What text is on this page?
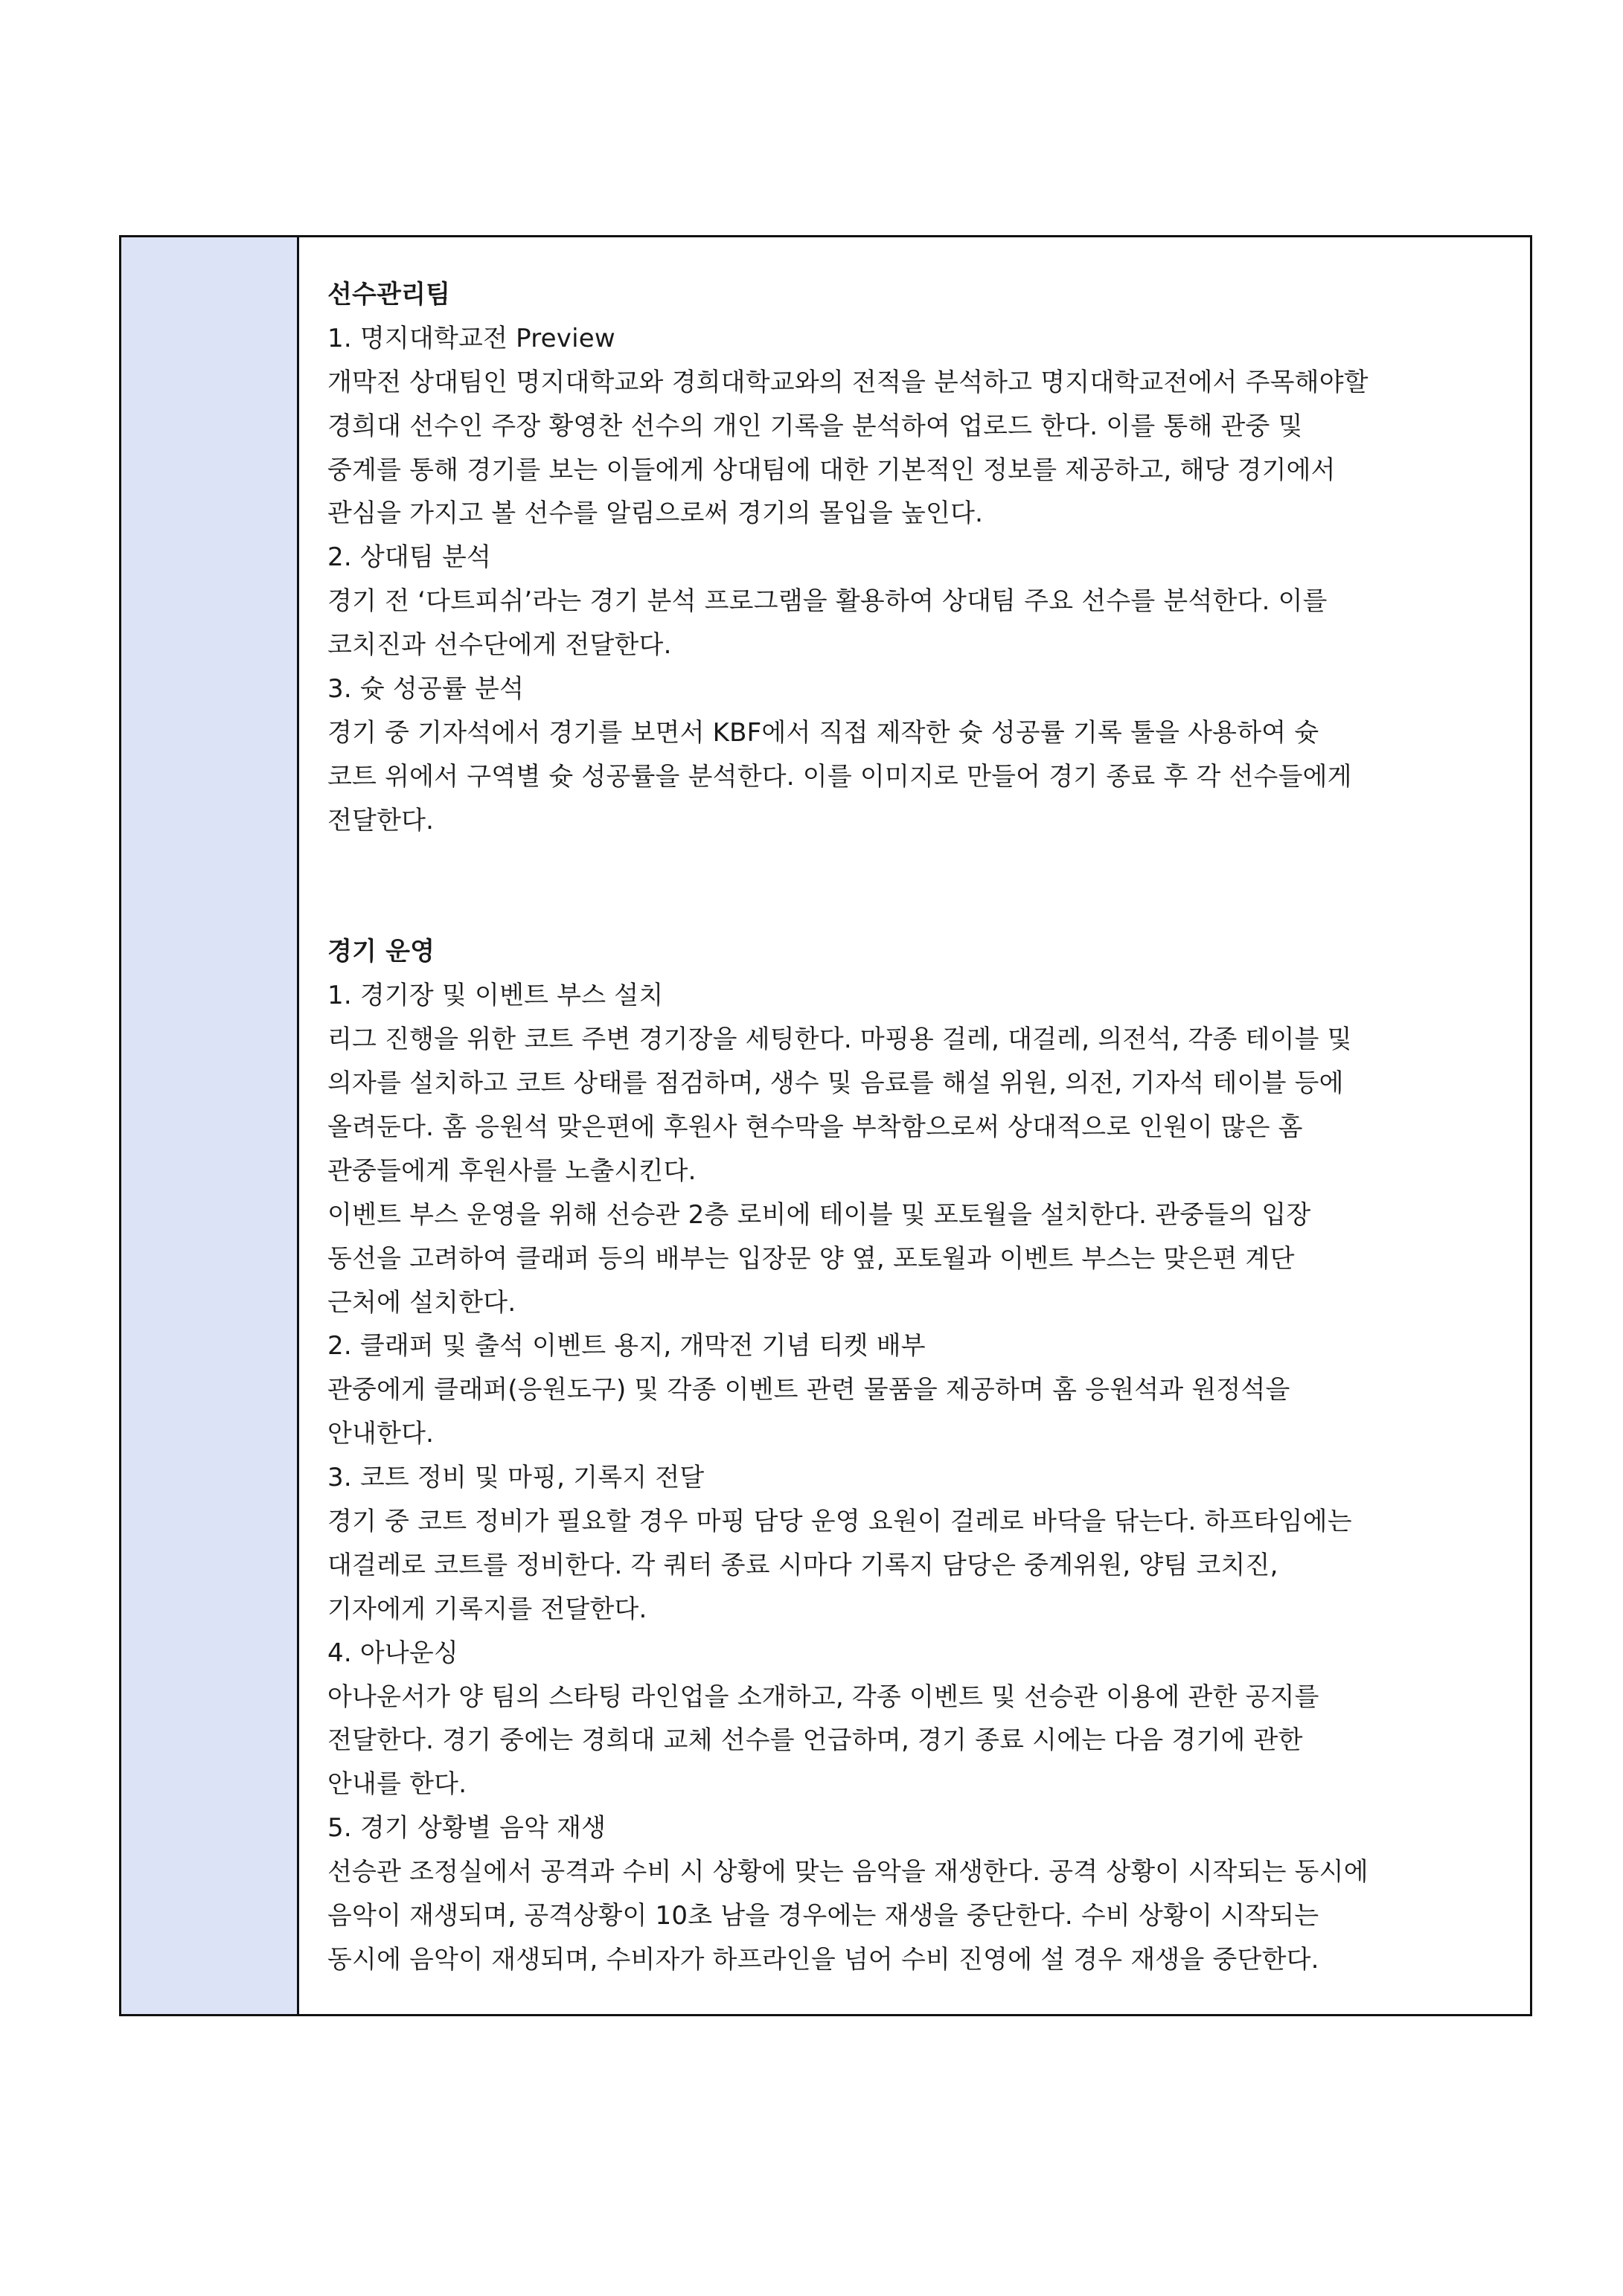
선수관리팀
1. 명지대학교전 Preview
개막전 상대팀인 명지대학교와 경희대학교와의 전적을 분석하고 명지대학교전에서 주목해야할
경희대 선수인 주장 황영찬 선수의 개인 기록을 분석하여 업로드 한다. 이를 통해 관중 및
중계를 통해 경기를 보는 이들에게 상대팀에 대한 기본적인 정보를 제공하고, 해당 경기에서
관심을 가지고 볼 선수를 알림으로써 경기의 몰입을 높인다.
2. 상대팀 분석
경기 전 ‘다트피쉬’라는 경기 분석 프로그램을 활용하여 상대팀 주요 선수를 분석한다. 이를
코치진과 선수단에게 전달한다.
3. 슛 성공률 분석
경기 중 기자석에서 경기를 보면서 KBF에서 직접 제작한 슛 성공률 기록 툴을 사용하여 슛
코트 위에서 구역별 슛 성공률을 분석한다. 이를 이미지로 만들어 경기 종료 후 각 선수들에게
전달한다.
경기 운영
1. 경기장 및 이벤트 부스 설치
리그 진행을 위한 코트 주변 경기장을 세팅한다. 마핑용 걸레, 대걸레, 의전석, 각종 테이블 및
의자를 설치하고 코트 상태를 점검하며, 생수 및 음료를 해설 위원, 의전, 기자석 테이블 등에
올려둔다. 홈 응원석 맞은편에 후원사 현수막을 부착함으로써 상대적으로 인원이 많은 홈
관중들에게 후원사를 노출시킨다.
이벤트 부스 운영을 위해 선승관 2층 로비에 테이블 및 포토월을 설치한다. 관중들의 입장
동선을 고려하여 클래퍼 등의 배부는 입장문 양 옆, 포토월과 이벤트 부스는 맞은편 계단
근처에 설치한다.
2. 클래퍼 및 출석 이벤트 용지, 개막전 기념 티켓 배부
관중에게 클래퍼(응원도구) 및 각종 이벤트 관련 물품을 제공하며 홈 응원석과 원정석을
안내한다.
3. 코트 정비 및 마핑, 기록지 전달
경기 중 코트 정비가 필요할 경우 마핑 담당 운영 요원이 걸레로 바닥을 닦는다. 하프타임에는
대걸레로 코트를 정비한다. 각 쿼터 종료 시마다 기록지 담당은 중계위원, 양팀 코치진,
기자에게 기록지를 전달한다.
4. 아나운싱
아나운서가 양 팀의 스타팅 라인업을 소개하고, 각종 이벤트 및 선승관 이용에 관한 공지를
전달한다. 경기 중에는 경희대 교체 선수를 언급하며, 경기 종료 시에는 다음 경기에 관한
안내를 한다.
5. 경기 상황별 음악 재생
선승관 조정실에서 공격과 수비 시 상황에 맞는 음악을 재생한다. 공격 상황이 시작되는 동시에
음악이 재생되며, 공격상황이 10초 남을 경우에는 재생을 중단한다. 수비 상황이 시작되는
동시에 음악이 재생되며, 수비자가 하프라인을 넘어 수비 진영에 설 경우 재생을 중단한다.
